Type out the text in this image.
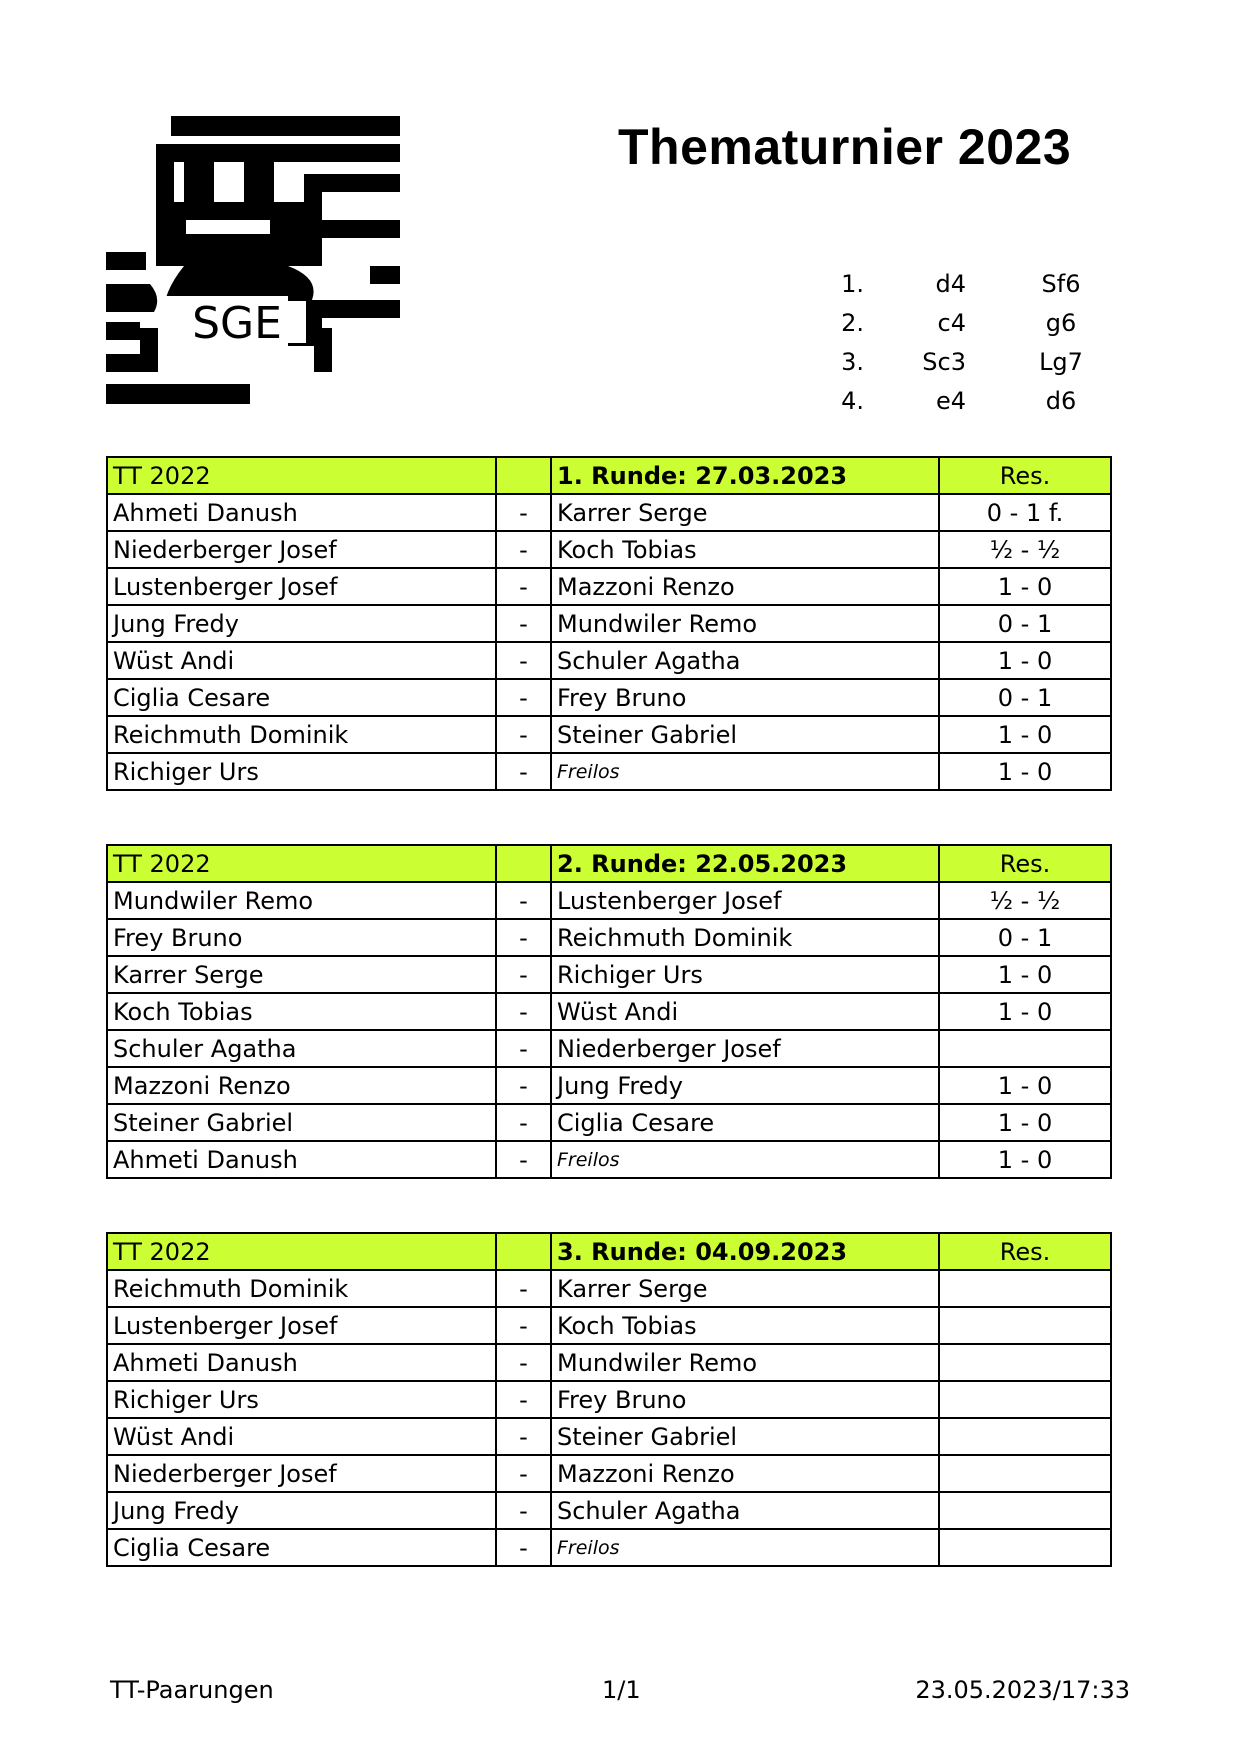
SGE
Thematurnier 2023
1.	d4	Sf6
2.	c4	g6
3.	Sc3	Lg7
4.	e4	d6
TT 2022		1. Runde: 27.03.2023	Res.
Ahmeti Danush	-	Karrer Serge	0 - 1 f.
Niederberger Josef	-	Koch Tobias	½ - ½
Lustenberger Josef	-	Mazzoni Renzo	1 - 0
Jung Fredy	-	Mundwiler Remo	0 - 1
Wüst Andi	-	Schuler Agatha	1 - 0
Ciglia Cesare	-	Frey Bruno	0 - 1
Reichmuth Dominik	-	Steiner Gabriel	1 - 0
Richiger Urs	-	Freilos	1 - 0
TT 2022		2. Runde: 22.05.2023	Res.
Mundwiler Remo	-	Lustenberger Josef	½ - ½
Frey Bruno	-	Reichmuth Dominik	0 - 1
Karrer Serge	-	Richiger Urs	1 - 0
Koch Tobias	-	Wüst Andi	1 - 0
Schuler Agatha	-	Niederberger Josef	
Mazzoni Renzo	-	Jung Fredy	1 - 0
Steiner Gabriel	-	Ciglia Cesare	1 - 0
Ahmeti Danush	-	Freilos	1 - 0
TT 2022		3. Runde: 04.09.2023	Res.
Reichmuth Dominik	-	Karrer Serge	
Lustenberger Josef	-	Koch Tobias	
Ahmeti Danush	-	Mundwiler Remo	
Richiger Urs	-	Frey Bruno	
Wüst Andi	-	Steiner Gabriel	
Niederberger Josef	-	Mazzoni Renzo	
Jung Fredy	-	Schuler Agatha	
Ciglia Cesare	-	Freilos	
TT-Paarungen	1/1	23.05.2023/17:33
